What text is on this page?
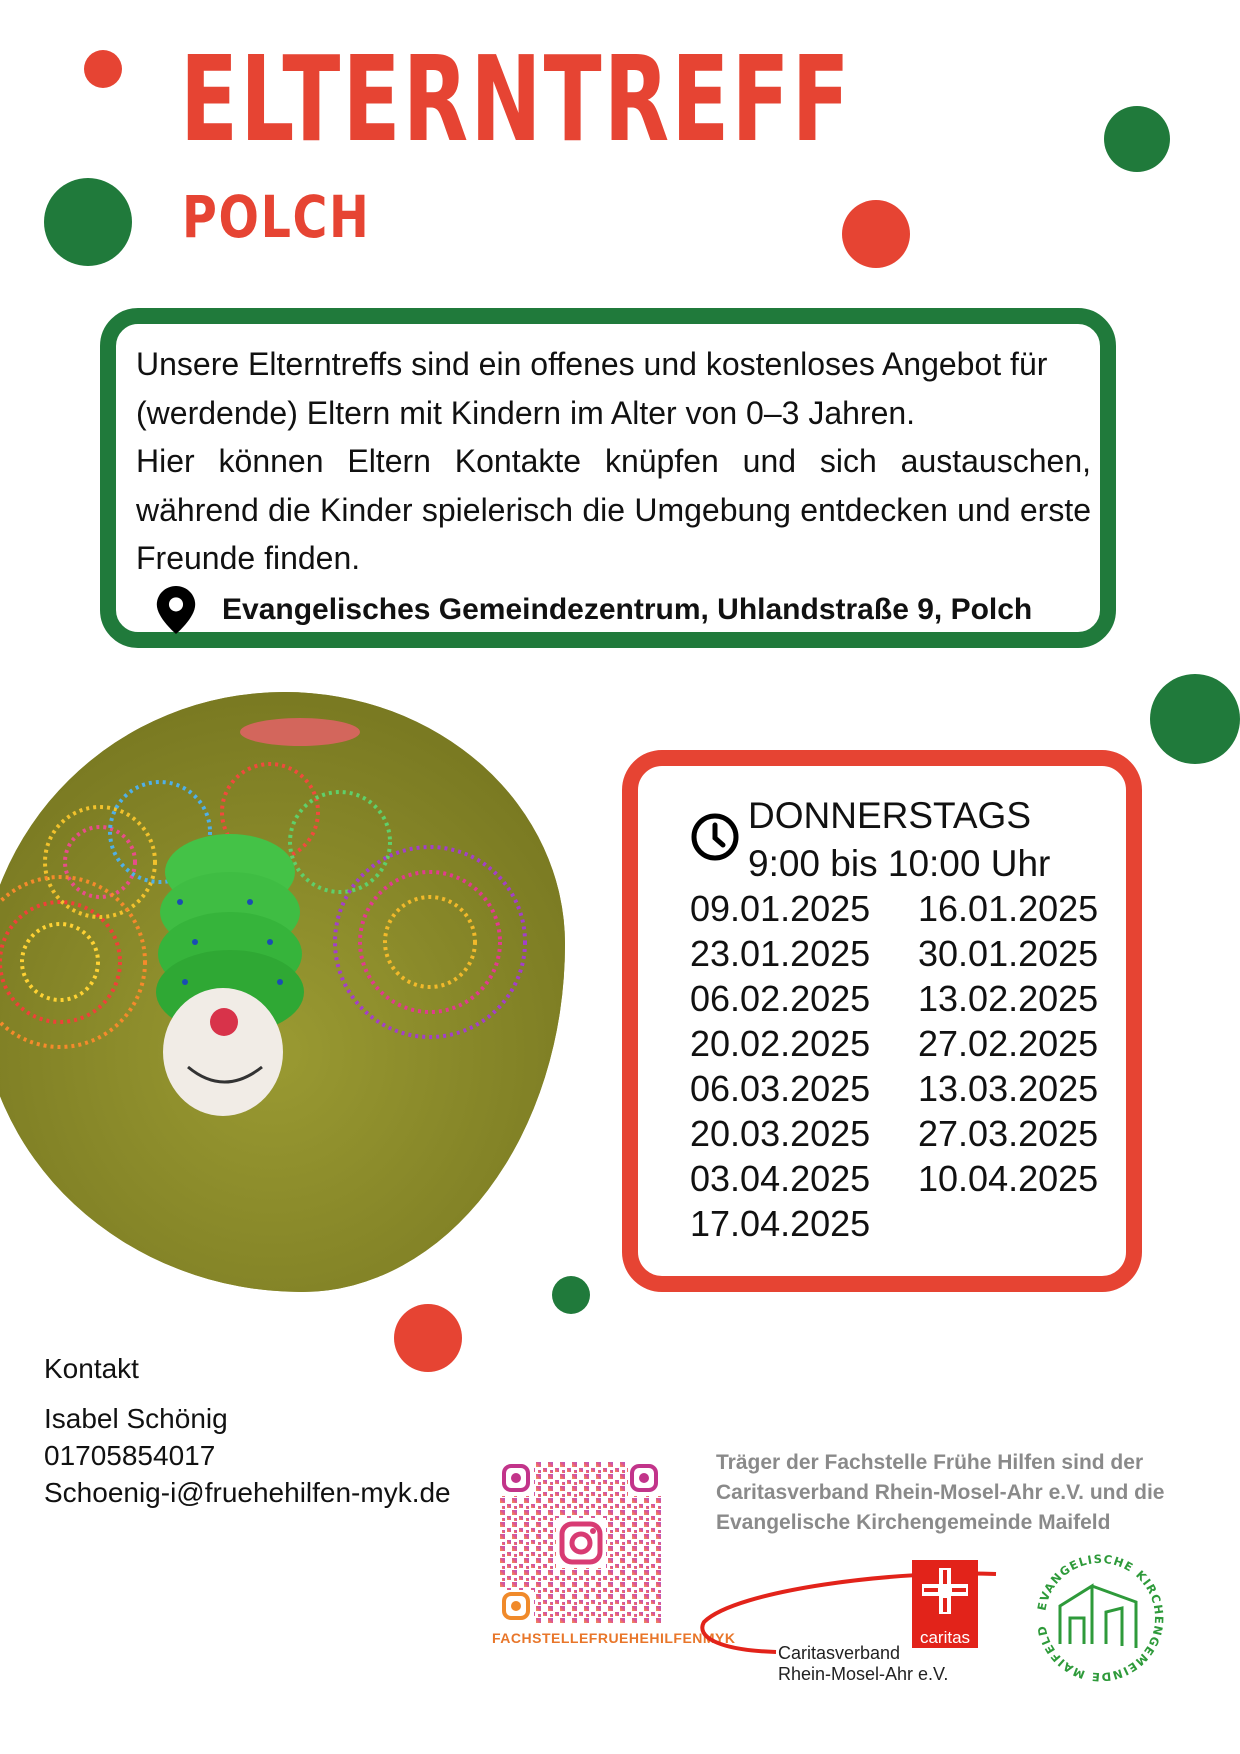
ELTERNTREFF
POLCH

Unsere Elterntreffs sind ein offenes und kostenloses Angebot für (werdende) Eltern mit Kindern im Alter von 0–3 Jahren.

Hier können Eltern Kontakte knüpfen und sich austauschen, während die Kinder spielerisch die Umgebung entdecken und erste Freunde finden.

Evangelisches Gemeindezentrum, Uhlandstraße 9, Polch
DONNERSTAGS
9:00 bis 10:00 Uhr
09.01.2025	16.01.2025
23.01.2025	30.01.2025
06.02.2025	13.02.2025
20.02.2025	27.02.2025
06.03.2025	13.03.2025
20.03.2025	27.03.2025
03.04.2025	10.04.2025
17.04.2025
Kontakt
Isabel Schönig
01705854017
Schoenig-i@fruehehilfen-myk.de
FACHSTELLEFRUEHEHILFENMYK
Träger der Fachstelle Frühe Hilfen sind der Caritasverband Rhein-Mosel-Ahr e.V. und die Evangelische Kirchengemeinde Maifeld
caritas
Caritasverband
Rhein-Mosel-Ahr e.V.
EVANGELISCHE KIRCHENGEMEINDE MAIFELD
